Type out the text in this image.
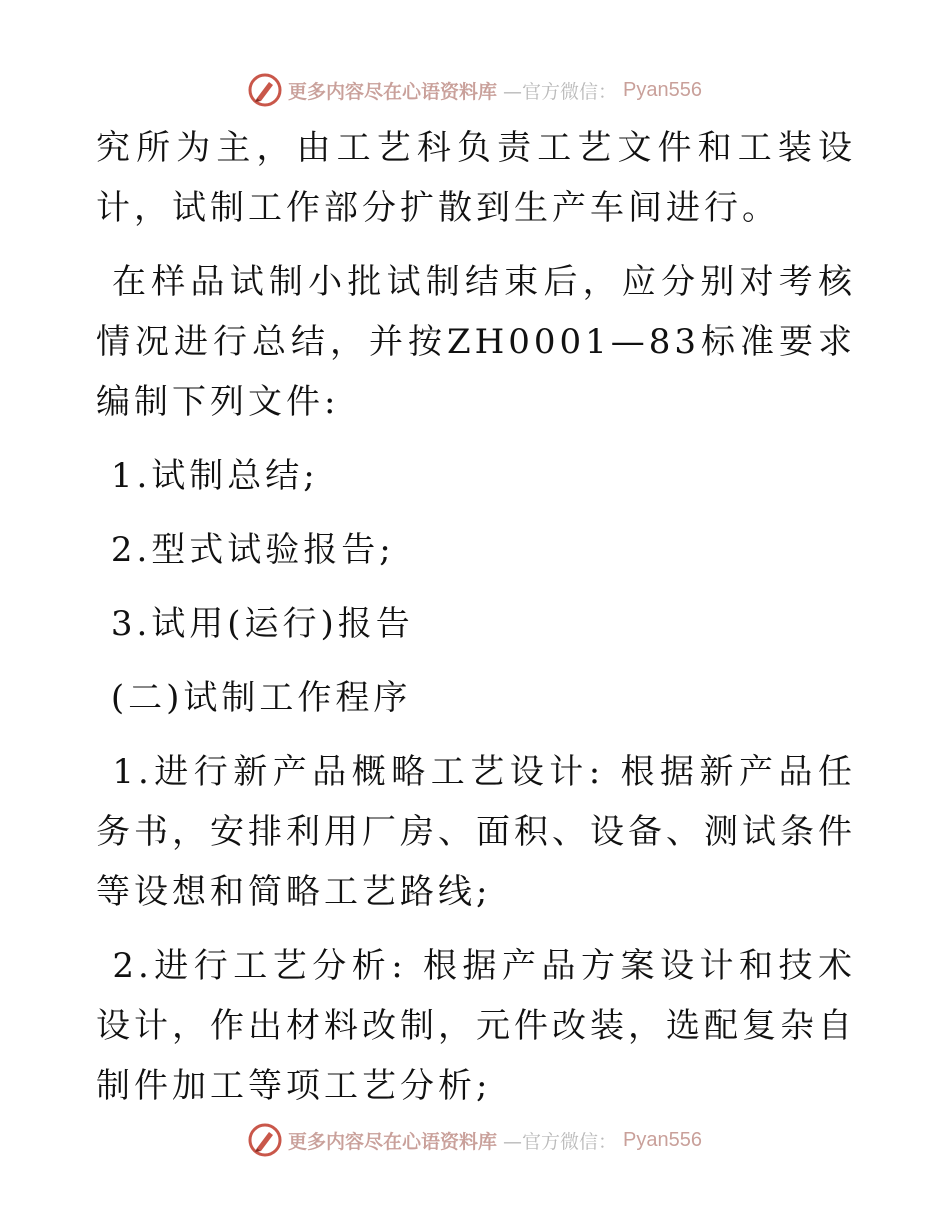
更多内容尽在心语资料库 —官方微信： Pyan556

究所为主，由工艺科负责工艺文件和工装设计，试制工作部分扩散到生产车间进行。

在样品试制小批试制结束后，应分别对考核情况进行总结，并按ZH0001—83标准要求编制下列文件:

1.试制总结;

2.型式试验报告;

3.试用(运行)报告

(二)试制工作程序

1.进行新产品概略工艺设计: 根据新产品任务书，安排利用厂房、面积、设备、测试条件等设想和简略工艺路线;

2.进行工艺分析: 根据产品方案设计和技术设计，作出材料改制，元件改装，选配复杂自制件加工等项工艺分析;

更多内容尽在心语资料库 —官方微信： Pyan556
